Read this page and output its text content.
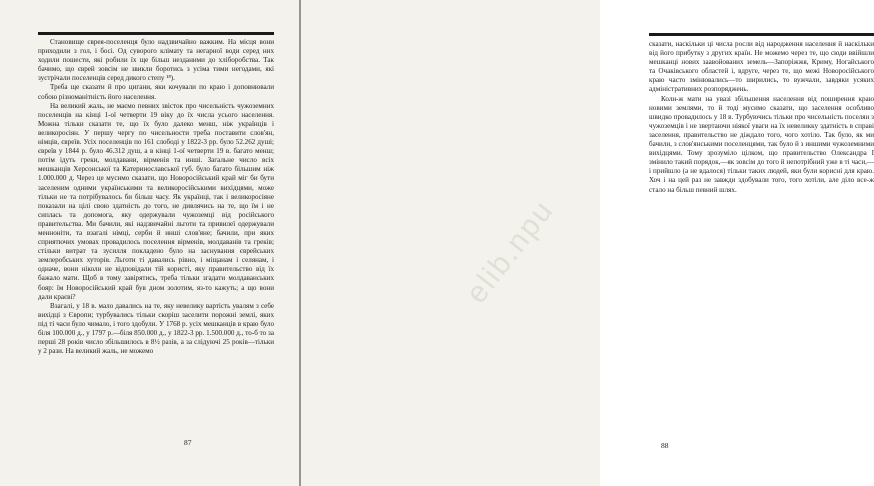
Становище єврея-поселенця було надзвичайно важким. На місця вони приходили з гол, і босі. Од суворого клімату та негарної води серед них ходили пошести, які робили їх ще більш незданими до хліборобства. Так бачимо, що єврей зовсім не звикли боротись з усіма тими негодами, які зустрічали поселенців серед дикого степу ¹⁸).

Треба ще сказати й про цигани, яки кочували по краю і доповнювали собою різноманітність його населення.

На великий жаль, не маємо певних звісток про чисельність чужоземних поселенців на кінці 1-ої четверти 19 віку до їх числа усього населення. Можна тільки сказати те, що їх було далеко менш, ніж українців і великоросіян. У першу чергу по чисельности треба поставити слов'ян, німців, євреїв. Усіх поселенців по 161 слободі у 1822-3 рр. було 52.262 душі; євреїв у 1844 р. було 46.312 душ, а в кінці 1-ої четверти 19 в. багато менш; потім ідуть греки, молдавани, вірменія та инші. Загальне число всіх мешканців Херсонської та Катеринославської губ. було багато більшим ніж 1.000.000 д. Через це мусимо сказати, що Новоросійський край мiг би бути заселеним одними українськими та великоросійськими вихідцями, може тільки не та потрібувалось би більш часу. Як українці, так і великоросіяне показали на цілі свою здатність до того, не дивлячись на те, що їм і не сиплась та допомога, яку одержували чужоземці від російського правительства. Ми бачили, які надзвичайні льготи та привилеї одержували менноніти, та взагалі німці, серби й инші слов'яне; бачили, при яких сприятючих умовах провадилось поселення вірменів, молдаванів та греків; стільки витрат та зусилля покладено було на заснування єврейських землеробських хуторів. Льготи ті давались рівно, і міщанам і селянам, і одначе, вони ніколи не відповідали тій користі, яку правительство від їх бажало мати. Щоб в тому завірятись, треба тільки згадати молдаванських бояр: їм Новоросійський край був дном золотим, яз-то кажуть; а що вони дали краєві?

Взагалі, у 18 в. мало давались на те, яку невелику вартість увалям з себе вихідці з Європи; турбувались тільки скоріш заселити порожні землі, яких під ті часи було чимало, і того здобули. У 1768 р. усіх мешканців в краю було біля 100.000 д., у 1797 р.—біля 850.000 д., у 1822-3 рр. 1.500.000 д., то-б то за перші 28 років число збільшилось в 8½ разів, а за слідуючі 25 років—тільки у 2 рази. На великий жаль, не можемо

87

сказати, наскільки ці числа росли від народження населення й наскільки від його прибутку з других країн. Не можемо через те, що сюди ввійшли мешканці нових заавойованих земель—Запоріжжя, Криму, Ногайського та Очаківського областей і, вдруге, через те, що межі Новоросійського краю часто змінювались—то ширились, то вужчали, завдяки усяких адміністративних розпоряджень.

Коли-ж мати на увазі збільшення населення від поширення краю новими землями, то й тоді мусимо сказати, що заселення особливо швидко провадилось у 18 в. Турбуючись тільки про чисельність поселян з чужоземців і не звертаючи ніякої уваги на їх невеликку здатність в справі заселення, правительство не діждало того, чого хотіло. Так було, як ми бачили, з слов'янськими поселенцями, так було й з иншими чужоземними вихідцями. Тому зрозуміло цілком, що правительство Олександра I змінило такий порядок,—як зовсім до того й непотрібний уже в ті часи,—і прийшло (а не вдалося) тільки таких людей, яки були корисні для краю. Хоч і на цей раз не завжди здобували того, того хотіли, але діло все-ж стало на більш певний шлях.

88
elib.npu
